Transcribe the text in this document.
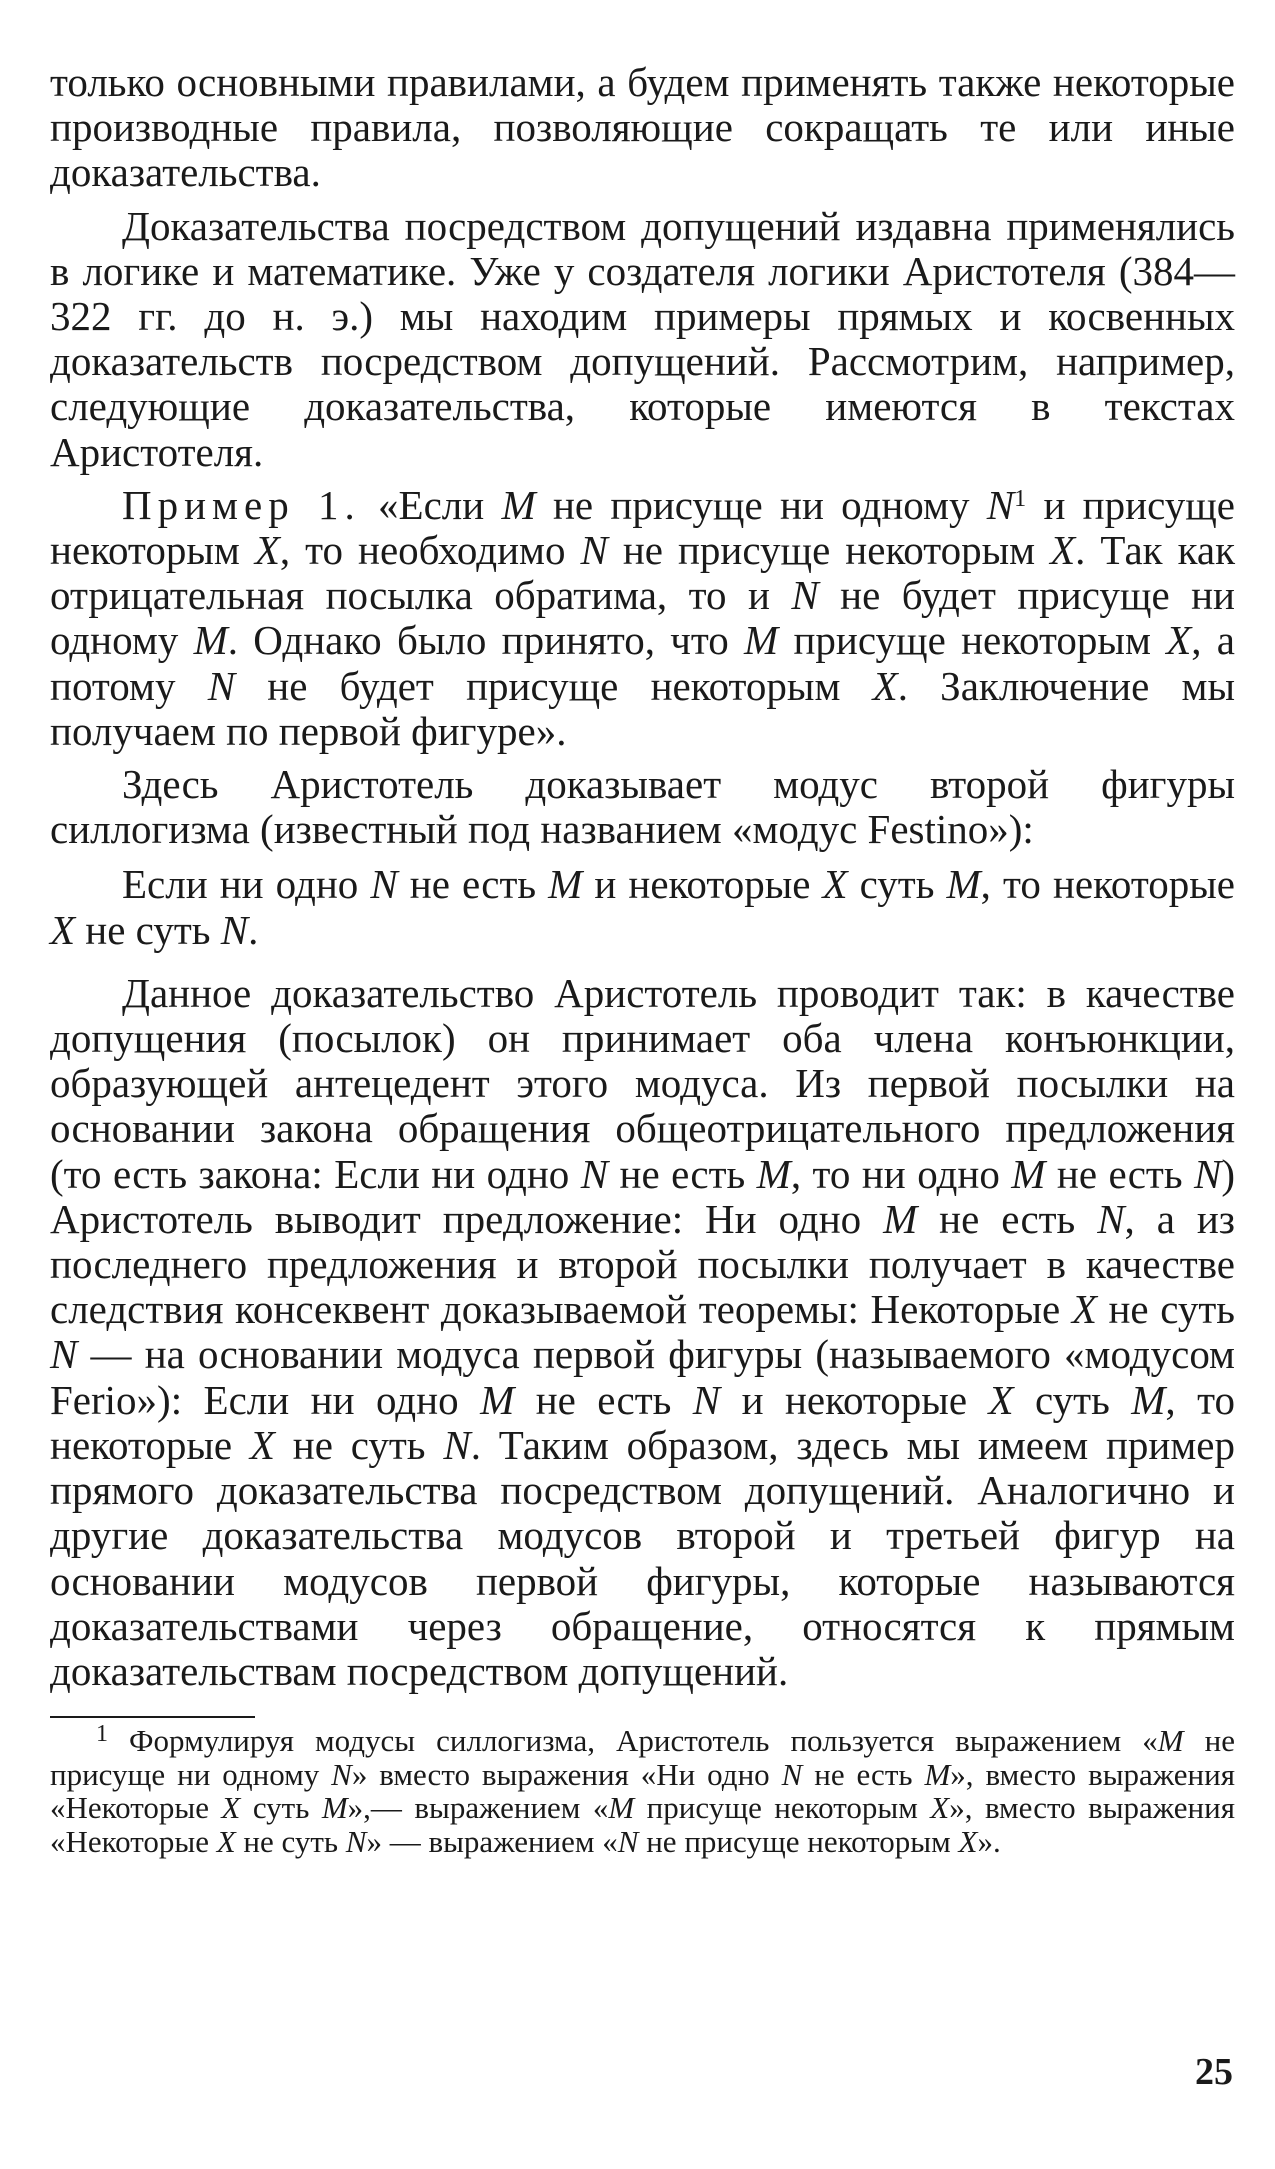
только основными правилами, а будем применять также некоторые производные правила, позволяющие сокращать те или иные доказательства.

Доказательства посредством допущений издавна применялись в логике и математике. Уже у создателя логики Аристотеля (384—322 гг. до н. э.) мы находим примеры прямых и косвенных доказательств посредством допущений. Рассмотрим, например, следующие доказательства, которые имеются в текстах Аристотеля.

Пример 1. «Если M не присуще ни одному $N^1$ и присуще некоторым X, то необходимо N не присуще некоторым X. Так как отрицательная посылка обратима, то и N не будет присуще ни одному M. Однако было принято, что M присуще некоторым X, а потому N не будет присуще некоторым X. Заключение мы получаем по первой фигуре».

Здесь Аристотель доказывает модус второй фигуры силлогизма (известный под названием «модус Festino»):

Если ни одно N не есть M и некоторые X суть M, то некоторые X не суть N.

Данное доказательство Аристотель проводит так: в качестве допущения (посылок) он принимает оба члена конъюнкции, образующей антецедент этого модуса. Из первой посылки на основании закона обращения общеотрицательного предложения (то есть закона: Если ни одно N не есть M, то ни одно M не есть N) Аристотель выводит предложение: Ни одно M не есть N, а из последнего предложения и второй посылки получает в качестве следствия консеквент доказываемой теоремы: Некоторые X не суть N — на основании модуса первой фигуры (называемого «модусом Ferio»): Если ни одно M не есть N и некоторые X суть M, то некоторые X не суть N. Таким образом, здесь мы имеем пример прямого доказательства посредством допущений. Аналогично и другие доказательства модусов второй и третьей фигур на основании модусов первой фигуры, которые называются доказательствами через обращение, относятся к прямым доказательствам посредством допущений.

$^1$ Формулируя модусы силлогизма, Аристотель пользуется выражением «M не присуще ни одному N» вместо выражения «Ни одно N не есть M», вместо выражения «Некоторые X суть M»,— выражением «M присуще некоторым X», вместо выражения «Некоторые X не суть N» — выражением «N не присуще некоторым X».

25
